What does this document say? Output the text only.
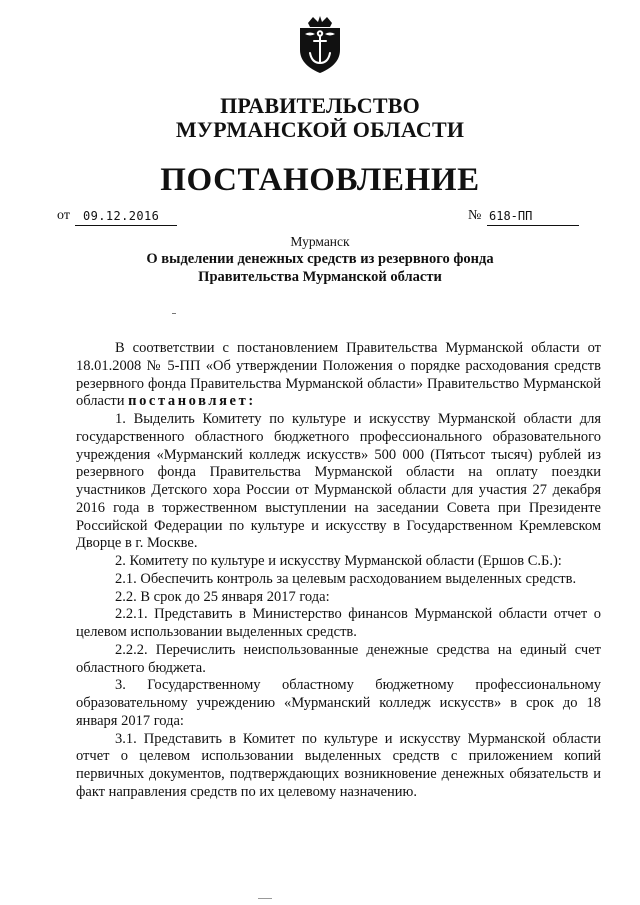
ПРАВИТЕЛЬСТВО
МУРМАНСКОЙ ОБЛАСТИ
ПОСТАНОВЛЕНИЕ
от	09.12.2016	№ 618-ПП
Мурманск
О выделении денежных средств из резервного фонда
Правительства Мурманской области

В соответствии с постановлением Правительства Мурманской области от 18.01.2008 № 5-ПП «Об утверждении Положения о порядке расходования средств резервного фонда Правительства Мурманской области» Правительство Мурманской области постановляет:

1. Выделить Комитету по культуре и искусству Мурманской области для государственного областного бюджетного профессионального образовательного учреждения «Мурманский колледж искусств» 500 000 (Пятьсот тысяч) рублей из резервного фонда Правительства Мурманской области на оплату поездки участников Детского хора России от Мурманской области для участия 27 декабря 2016 года в торжественном выступлении на заседании Совета при Президенте Российской Федерации по культуре и искусству в Государственном Кремлевском Дворце в г. Москве.

2. Комитету по культуре и искусству Мурманской области (Ершов С.Б.):

2.1. Обеспечить контроль за целевым расходованием выделенных средств.

2.2. В срок до 25 января 2017 года:

2.2.1. Представить в Министерство финансов Мурманской области отчет о целевом использовании выделенных средств.

2.2.2. Перечислить неиспользованные денежные средства на единый счет областного бюджета.

3. Государственному областному бюджетному профессиональному образовательному учреждению «Мурманский колледж искусств» в срок до 18 января 2017 года:

3.1. Представить в Комитет по культуре и искусству Мурманской области отчет о целевом использовании выделенных средств с приложением копий первичных документов, подтверждающих возникновение денежных обязательств и факт направления средств по их целевому назначению.
